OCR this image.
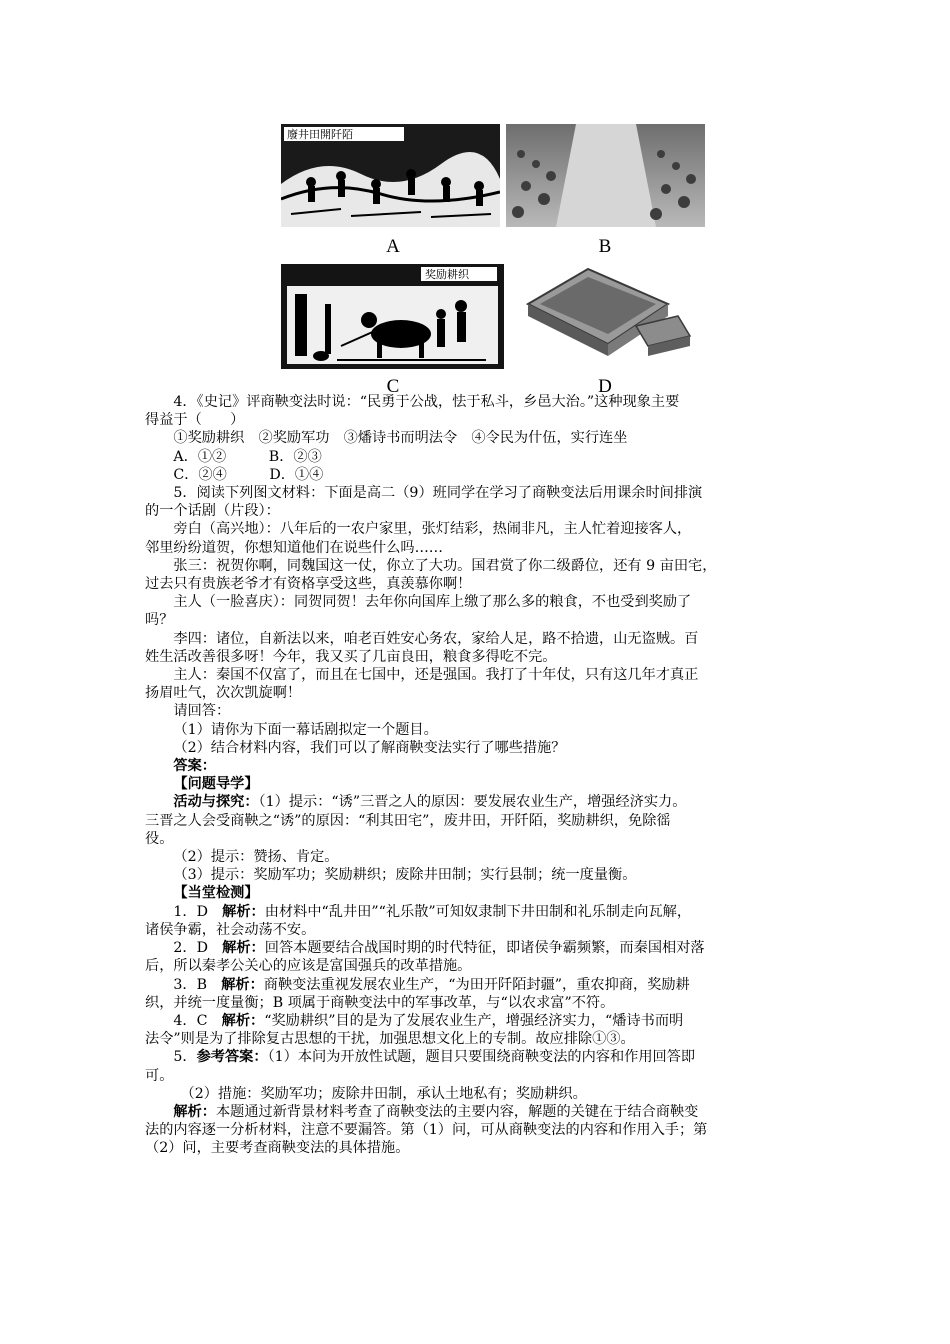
廢井田開阡陌
A	B
奖励耕织
C	D

4．《史记》评商鞅变法时说：“民勇于公战，怯于私斗，乡邑大治。”这种现象主要

得益于（　　）

①奖励耕织　②奖励军功　③燔诗书而明法令　④令民为什伍，实行连坐

A．①②　　　B．②③

C．②④　　　D．①④

5．阅读下列图文材料：下面是高二（9）班同学在学习了商鞅变法后用课余时间排演

的一个话剧（片段）：

旁白（高兴地）：八年后的一农户家里，张灯结彩，热闹非凡，主人忙着迎接客人，

邻里纷纷道贺，你想知道他们在说些什么吗……

张三：祝贺你啊，同魏国这一仗，你立了大功。国君赏了你二级爵位，还有 9 亩田宅，

过去只有贵族老爷才有资格享受这些，真羡慕你啊！

主人（一脸喜庆）：同贺同贺！去年你向国库上缴了那么多的粮食，不也受到奖励了

吗？

李四：诸位，自新法以来，咱老百姓安心务农，家给人足，路不拾遗，山无盗贼。百

姓生活改善很多呀！今年，我又买了几亩良田，粮食多得吃不完。

主人：秦国不仅富了，而且在七国中，还是强国。我打了十年仗，只有这几年才真正

扬眉吐气，次次凯旋啊！

请回答：

（1）请你为下面一幕话剧拟定一个题目。

（2）结合材料内容，我们可以了解商鞅变法实行了哪些措施？

答案：

【问题导学】

活动与探究：（1）提示：“诱”三晋之人的原因：要发展农业生产，增强经济实力。

三晋之人会受商鞅之“诱”的原因：“利其田宅”，废井田，开阡陌，奖励耕织，免除徭

役。

（2）提示：赞扬、肯定。

（3）提示：奖励军功；奖励耕织；废除井田制；实行县制；统一度量衡。

【当堂检测】

1．D　解析：由材料中“乱井田”“礼乐散”可知奴隶制下井田制和礼乐制走向瓦解，

诸侯争霸，社会动荡不安。

2．D　解析：回答本题要结合战国时期的时代特征，即诸侯争霸频繁，而秦国相对落

后，所以秦孝公关心的应该是富国强兵的改革措施。

3．B　解析：商鞅变法重视发展农业生产，“为田开阡陌封疆”，重农抑商，奖励耕

织，并统一度量衡；B 项属于商鞅变法中的军事改革，与“以农求富”不符。

4．C　解析：“奖励耕织”目的是为了发展农业生产，增强经济实力，“燔诗书而明

法令”则是为了排除复古思想的干扰，加强思想文化上的专制。故应排除①③。

5．参考答案：（1）本问为开放性试题，题目只要围绕商鞅变法的内容和作用回答即

可。

（2）措施：奖励军功；废除井田制，承认土地私有；奖励耕织。

解析：本题通过新背景材料考查了商鞅变法的主要内容，解题的关键在于结合商鞅变

法的内容逐一分析材料，注意不要漏答。第（1）问，可从商鞅变法的内容和作用入手；第

（2）问，主要考查商鞅变法的具体措施。
